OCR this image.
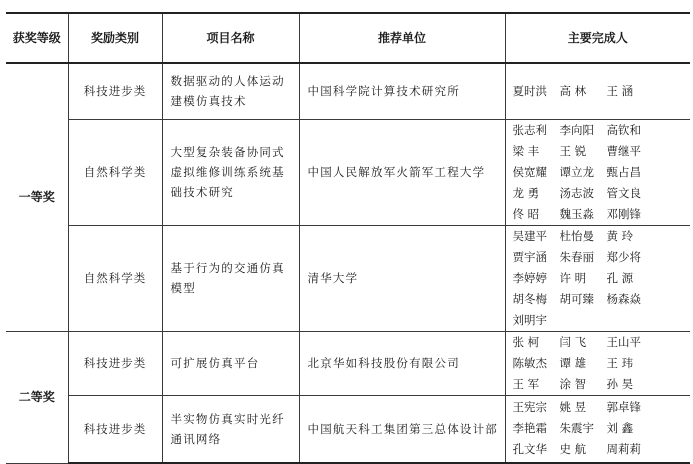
获奖等级	奖励类别	项目名称	推荐单位	主要完成人
一等奖	科技进步类	数据驱动的人体运动建模仿真技术	中国科学院计算技术研究所	夏时洪 高 林 王 涵

	自然科学类	大型复杂装备协同式虚拟维修训练系统基础技术研究	中国人民解放军火箭军工程大学	张志利 李向阳 高钦和
梁 丰 王 锐 曹继平
侯宽耀 谭立龙 甄占昌
龙 勇 汤志波 管文良
佟 昭 魏玉淼 邓刚锋

	自然科学类	基于行为的交通仿真模型	清华大学	吴建平 杜怡曼 黄 玲
贾宇涵 朱春丽 郑少将
李婷婷 许 明 孔 源
胡冬梅 胡可臻 杨森焱
刘明宇

二等奖	科技进步类	可扩展仿真平台	北京华如科技股份有限公司	张 柯 闫 飞 王山平
陈敏杰 谭 雄 王 玮
王 军 涂 智 孙 昊

	科技进步类	半实物仿真实时光纤通讯网络	中国航天科工集团第三总体设计部	王宪宗 姚 昱 郭卓锋
李艳霜 朱震宇 刘 鑫
孔文华 史 航 周莉莉
